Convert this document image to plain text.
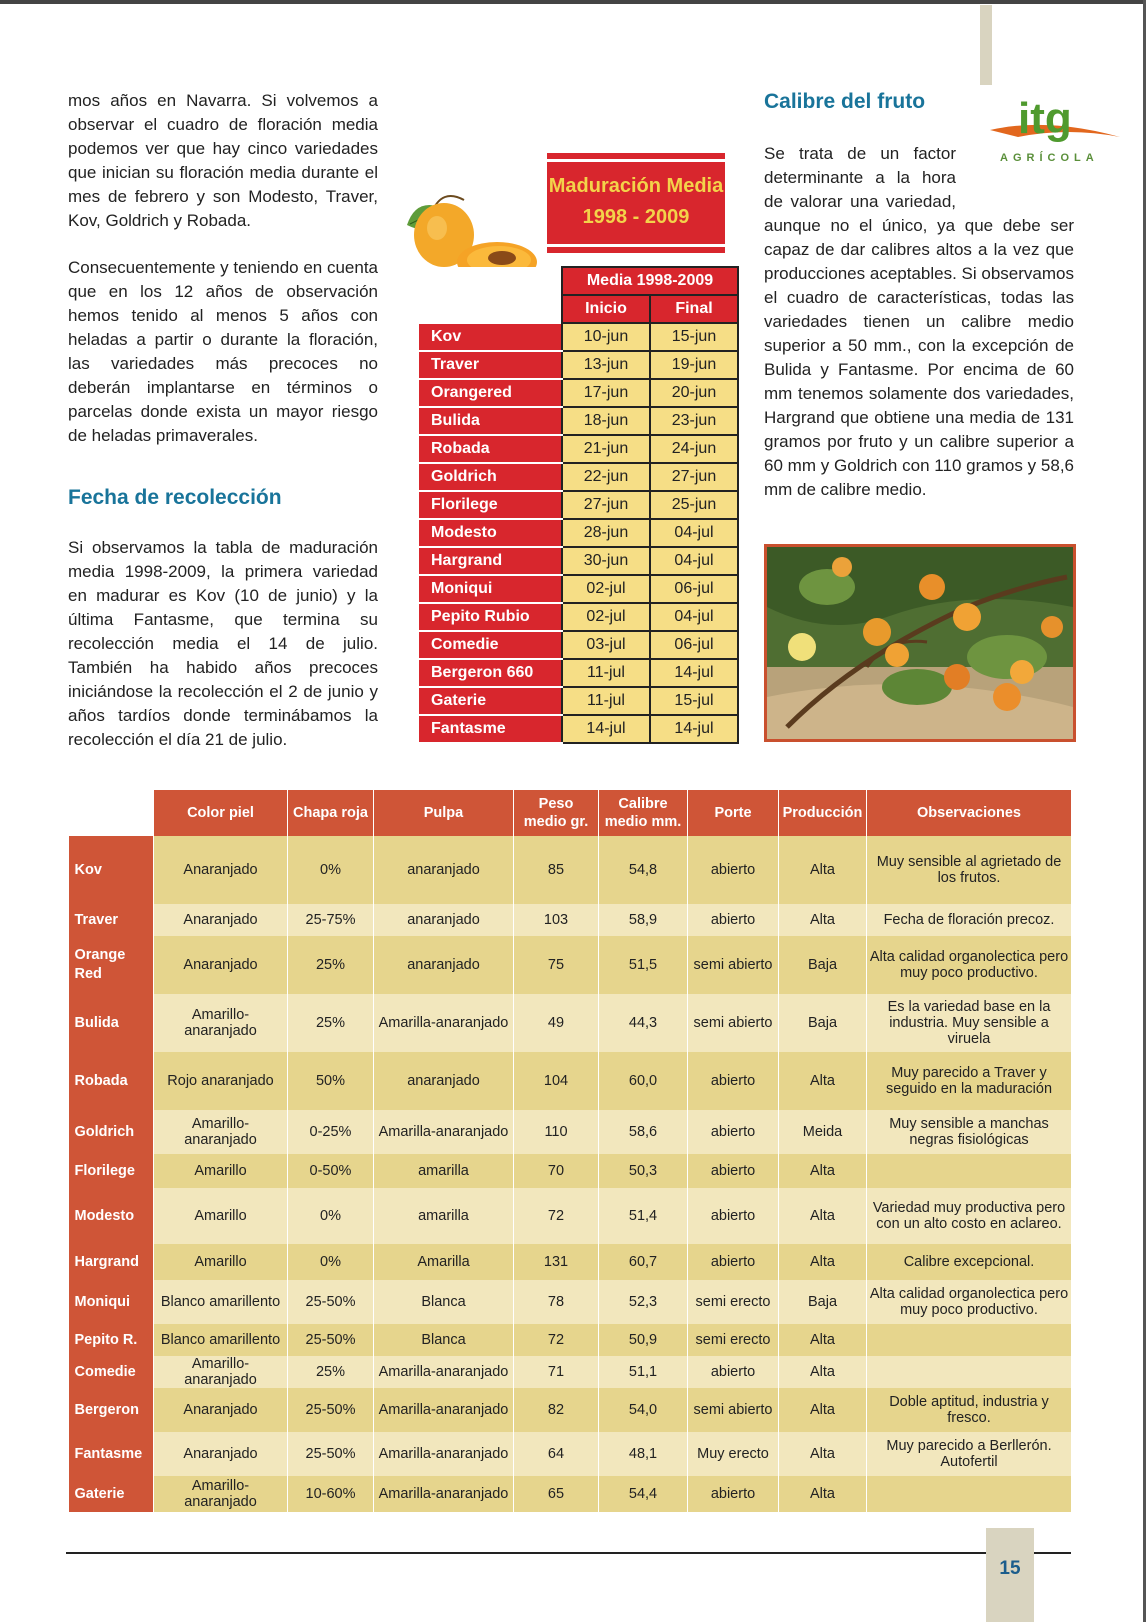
itg
AGRÍCOLA

mos años en Navarra. Si volvemos a observar el cuadro de floración media podemos ver que hay cinco variedades que inician su floración media durante el mes de febrero y son Modesto, Traver, Kov, Goldrich y Robada.

Consecuentemente y teniendo en cuenta que en los 12 años de observación hemos tenido al menos 5 años con heladas a partir o durante la floración, las variedades más precoces no deberán implantarse en términos o parcelas donde exista un mayor riesgo de heladas primaverales.

Fecha de recolección

Si observamos la tabla de maduración media 1998-2009, la primera variedad en madurar es Kov (10 de junio) y la última Fantasme, que termina su recolección media el 14 de julio. También ha habido años precoces iniciándose la recolección el 2 de junio y años tardíos donde terminábamos la recolección el día 21 de julio.

Calibre del fruto

Se trata de un factor determinante a la hora de valorar una variedad, aunque no el único, ya que debe ser capaz de dar calibres altos a la vez que producciones aceptables. Si observamos el cuadro de características, todas las variedades tienen un calibre medio superior a 50 mm., con la excepción de Bulida y Fantasme. Por encima de 60 mm tenemos solamente dos variedades, Hargrand que obtiene una media de 131 gramos por fruto y un calibre superior a 60 mm y Goldrich con 110 gramos y 58,6 mm de calibre medio.

Maduración Media
1998 - 2009
	Media 1998-2009	
	Inicio	Final
Kov	10-jun	15-jun
Traver	13-jun	19-jun
Orangered	17-jun	20-jun
Bulida	18-jun	23-jun
Robada	21-jun	24-jun
Goldrich	22-jun	27-jun
Florilege	27-jun	25-jun
Modesto	28-jun	04-jul
Hargrand	30-jun	04-jul
Moniqui	02-jul	06-jul
Pepito Rubio	02-jul	04-jul
Comedie	03-jul	06-jul
Bergeron 660	11-jul	14-jul
Gaterie	11-jul	15-jul
Fantasme	14-jul	14-jul
	Color piel	Chapa roja	Pulpa	Peso
medio gr.	Calibre
medio mm.	Porte	Producción	Observaciones
Kov	Anaranjado	0%	anaranjado	85	54,8	abierto	Alta	Muy sensible al agrietado de
los frutos.
Traver	Anaranjado	25-75%	anaranjado	103	58,9	abierto	Alta	Fecha de floración precoz.

Orange
Red	Anaranjado	25%	anaranjado	75	51,5	semi abierto	Baja	Alta calidad organolectica pero
muy poco productivo.
Bulida	Amarillo-anaranjado	25%	Amarilla-anaranjado	49	44,3	semi abierto	Baja	Es la variedad base en la
industria. Muy sensible a viruela
Robada	Rojo anaranjado	50%	anaranjado	104	60,0	abierto	Alta	Muy parecido a Traver y
seguido en la maduración
Goldrich	Amarillo-anaranjado	0-25%	Amarilla-anaranjado	110	58,6	abierto	Meida	Muy sensible a manchas
negras fisiológicas
Florilege	Amarillo	0-50%	amarilla	70	50,3	abierto	Alta	

Modesto	Amarillo	0%	amarilla	72	51,4	abierto	Alta	Variedad muy productiva pero
con un alto costo en aclareo.
Hargrand	Amarillo	0%	Amarilla	131	60,7	abierto	Alta	Calibre excepcional.

Moniqui	Blanco amarillento	25-50%	Blanca	78	52,3	semi erecto	Baja	Alta calidad organolectica pero
muy poco productivo.
Pepito R.	Blanco amarillento	25-50%	Blanca	72	50,9	semi erecto	Alta	

Comedie	Amarillo-anaranjado	25%	Amarilla-anaranjado	71	51,1	abierto	Alta	

Bergeron	Anaranjado	25-50%	Amarilla-anaranjado	82	54,0	semi abierto	Alta	Doble aptitud, industria y
fresco.
Fantasme	Anaranjado	25-50%	Amarilla-anaranjado	64	48,1	Muy erecto	Alta	Muy parecido a Berllerón.
Autofertil
Gaterie	Amarillo-anaranjado	10-60%	Amarilla-anaranjado	65	54,4	abierto	Alta	

15
